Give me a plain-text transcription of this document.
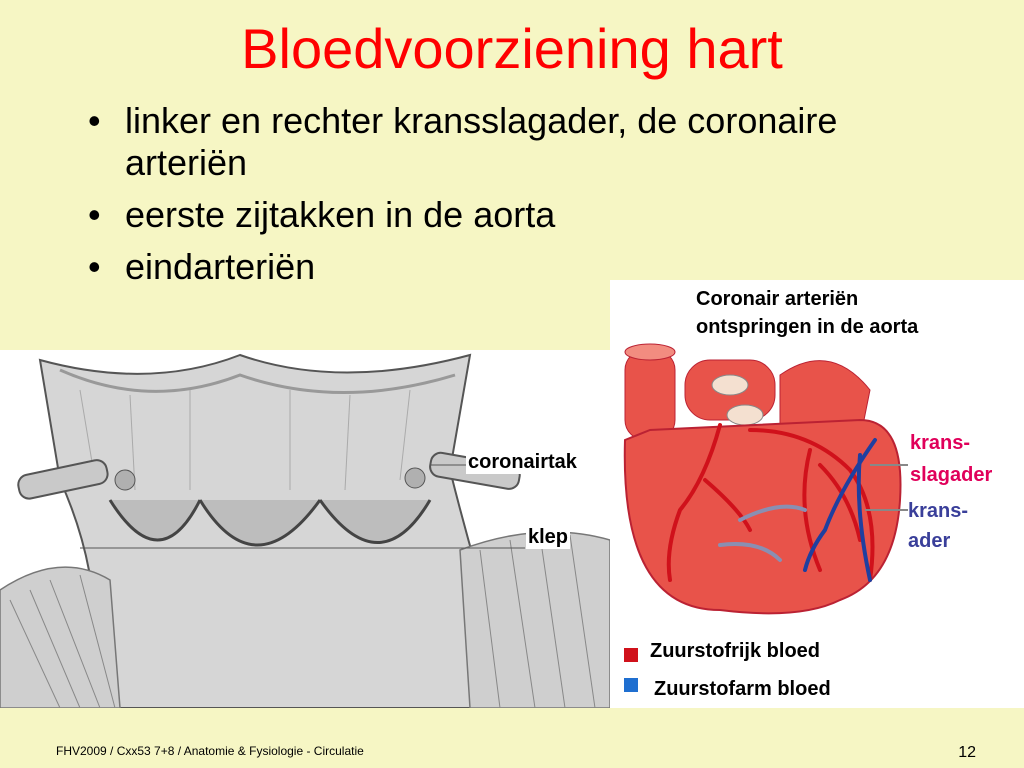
Bloedvoorziening hart
• linker en rechter kransslagader, de coronaire arteriën
• eerste zijtakken in de aorta
• eindarteriën
coronairtak
klep
Coronair arteriën
ontspringen in de aorta
krans-
slagader
krans-
ader
Zuurstofrijk bloed
Zuurstofarm bloed
FHV2009 / Cxx53 7+8 / Anatomie & Fysiologie - Circulatie	12
